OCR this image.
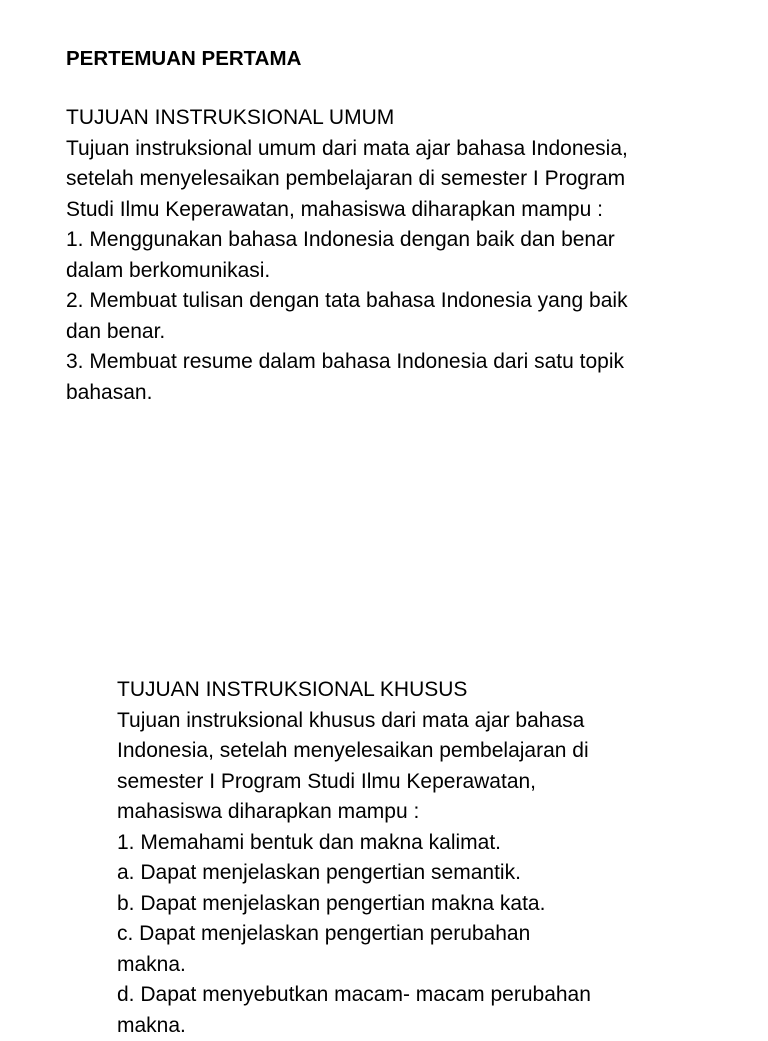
PERTEMUAN PERTAMA

TUJUAN INSTRUKSIONAL UMUM
Tujuan instruksional umum dari mata ajar bahasa Indonesia,
setelah menyelesaikan pembelajaran di semester I Program
Studi Ilmu Keperawatan, mahasiswa diharapkan mampu :
1. Menggunakan bahasa Indonesia dengan baik dan benar
dalam berkomunikasi.
2. Membuat tulisan dengan tata bahasa Indonesia yang baik
dan benar.
3. Membuat resume dalam bahasa Indonesia dari satu topik
bahasan.
TUJUAN INSTRUKSIONAL KHUSUS
Tujuan instruksional khusus dari mata ajar bahasa
Indonesia, setelah menyelesaikan pembelajaran di
semester I Program Studi Ilmu Keperawatan,
mahasiswa diharapkan mampu :
1. Memahami bentuk dan makna kalimat.
a. Dapat menjelaskan pengertian semantik.
b. Dapat menjelaskan pengertian makna kata.
c. Dapat menjelaskan pengertian perubahan
makna.
d. Dapat menyebutkan macam- macam perubahan
makna.
